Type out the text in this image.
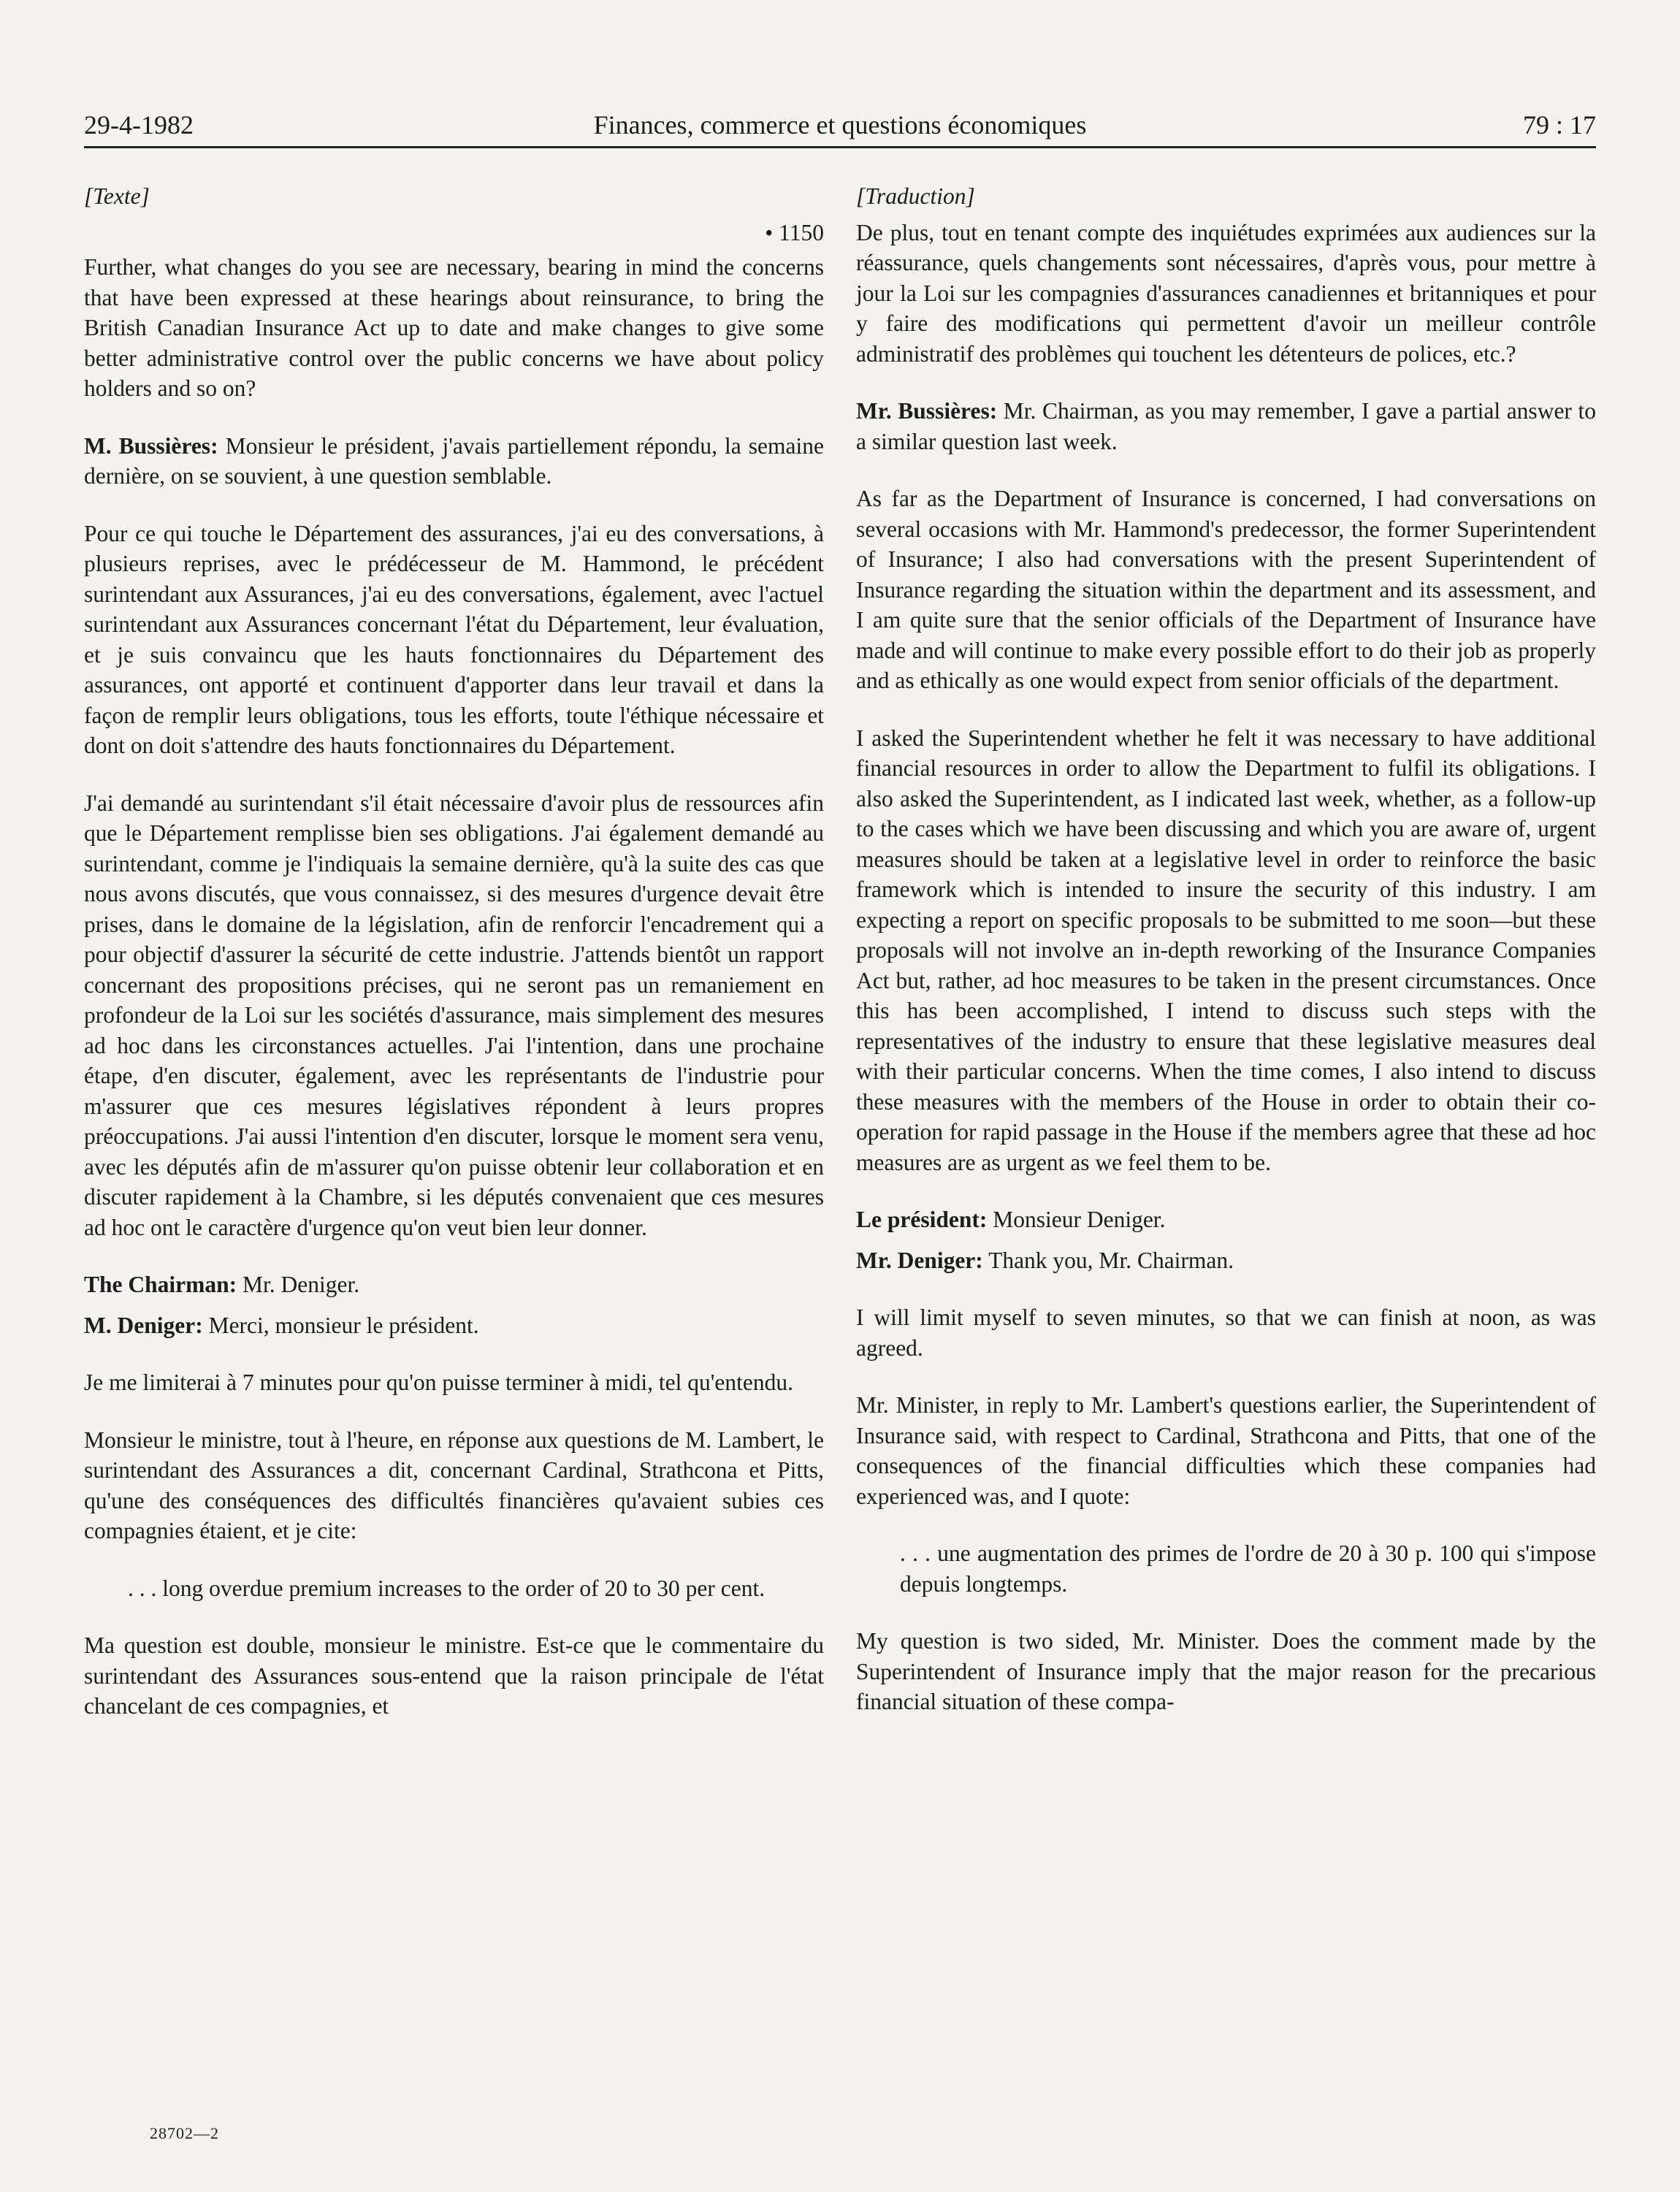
29-4-1982	Finances, commerce et questions économiques	79 : 17

[Texte]

• 1150

Further, what changes do you see are necessary, bearing in mind the concerns that have been expressed at these hearings about reinsurance, to bring the British Canadian Insurance Act up to date and make changes to give some better administrative control over the public concerns we have about policy holders and so on?

M. Bussières: Monsieur le président, j'avais partiellement répondu, la semaine dernière, on se souvient, à une question semblable.

Pour ce qui touche le Département des assurances, j'ai eu des conversations, à plusieurs reprises, avec le prédécesseur de M. Hammond, le précédent surintendant aux Assurances, j'ai eu des conversations, également, avec l'actuel surintendant aux Assurances concernant l'état du Département, leur évaluation, et je suis convaincu que les hauts fonctionnaires du Département des assurances, ont apporté et continuent d'apporter dans leur travail et dans la façon de remplir leurs obligations, tous les efforts, toute l'éthique nécessaire et dont on doit s'attendre des hauts fonctionnaires du Département.

J'ai demandé au surintendant s'il était nécessaire d'avoir plus de ressources afin que le Département remplisse bien ses obligations. J'ai également demandé au surintendant, comme je l'indiquais la semaine dernière, qu'à la suite des cas que nous avons discutés, que vous connaissez, si des mesures d'urgence devait être prises, dans le domaine de la législation, afin de renforcir l'encadrement qui a pour objectif d'assurer la sécurité de cette industrie. J'attends bientôt un rapport concernant des propositions précises, qui ne seront pas un remaniement en profondeur de la Loi sur les sociétés d'assurance, mais simplement des mesures ad hoc dans les circonstances actuelles. J'ai l'intention, dans une prochaine étape, d'en discuter, également, avec les représentants de l'industrie pour m'assurer que ces mesures législatives répondent à leurs propres préoccupations. J'ai aussi l'intention d'en discuter, lorsque le moment sera venu, avec les députés afin de m'assurer qu'on puisse obtenir leur collaboration et en discuter rapidement à la Chambre, si les députés convenaient que ces mesures ad hoc ont le caractère d'urgence qu'on veut bien leur donner.

The Chairman: Mr. Deniger.

M. Deniger: Merci, monsieur le président.

Je me limiterai à 7 minutes pour qu'on puisse terminer à midi, tel qu'entendu.

Monsieur le ministre, tout à l'heure, en réponse aux questions de M. Lambert, le surintendant des Assurances a dit, concernant Cardinal, Strathcona et Pitts, qu'une des conséquences des difficultés financières qu'avaient subies ces compagnies étaient, et je cite:

. . . long overdue premium increases to the order of 20 to 30 per cent.

Ma question est double, monsieur le ministre. Est-ce que le commentaire du surintendant des Assurances sous-entend que la raison principale de l'état chancelant de ces compagnies, et

[Traduction]

De plus, tout en tenant compte des inquiétudes exprimées aux audiences sur la réassurance, quels changements sont nécessaires, d'après vous, pour mettre à jour la Loi sur les compagnies d'assurances canadiennes et britanniques et pour y faire des modifications qui permettent d'avoir un meilleur contrôle administratif des problèmes qui touchent les détenteurs de polices, etc.?

Mr. Bussières: Mr. Chairman, as you may remember, I gave a partial answer to a similar question last week.

As far as the Department of Insurance is concerned, I had conversations on several occasions with Mr. Hammond's predecessor, the former Superintendent of Insurance; I also had conversations with the present Superintendent of Insurance regarding the situation within the department and its assessment, and I am quite sure that the senior officials of the Department of Insurance have made and will continue to make every possible effort to do their job as properly and as ethically as one would expect from senior officials of the department.

I asked the Superintendent whether he felt it was necessary to have additional financial resources in order to allow the Department to fulfil its obligations. I also asked the Superintendent, as I indicated last week, whether, as a follow-up to the cases which we have been discussing and which you are aware of, urgent measures should be taken at a legislative level in order to reinforce the basic framework which is intended to insure the security of this industry. I am expecting a report on specific proposals to be submitted to me soon—but these proposals will not involve an in-depth reworking of the Insurance Companies Act but, rather, ad hoc measures to be taken in the present circumstances. Once this has been accomplished, I intend to discuss such steps with the representatives of the industry to ensure that these legislative measures deal with their particular concerns. When the time comes, I also intend to discuss these measures with the members of the House in order to obtain their co-operation for rapid passage in the House if the members agree that these ad hoc measures are as urgent as we feel them to be.

Le président: Monsieur Deniger.

Mr. Deniger: Thank you, Mr. Chairman.

I will limit myself to seven minutes, so that we can finish at noon, as was agreed.

Mr. Minister, in reply to Mr. Lambert's questions earlier, the Superintendent of Insurance said, with respect to Cardinal, Strathcona and Pitts, that one of the consequences of the financial difficulties which these companies had experienced was, and I quote:

. . . une augmentation des primes de l'ordre de 20 à 30 p. 100 qui s'impose depuis longtemps.

My question is two sided, Mr. Minister. Does the comment made by the Superintendent of Insurance imply that the major reason for the precarious financial situation of these compa-

28702—2
